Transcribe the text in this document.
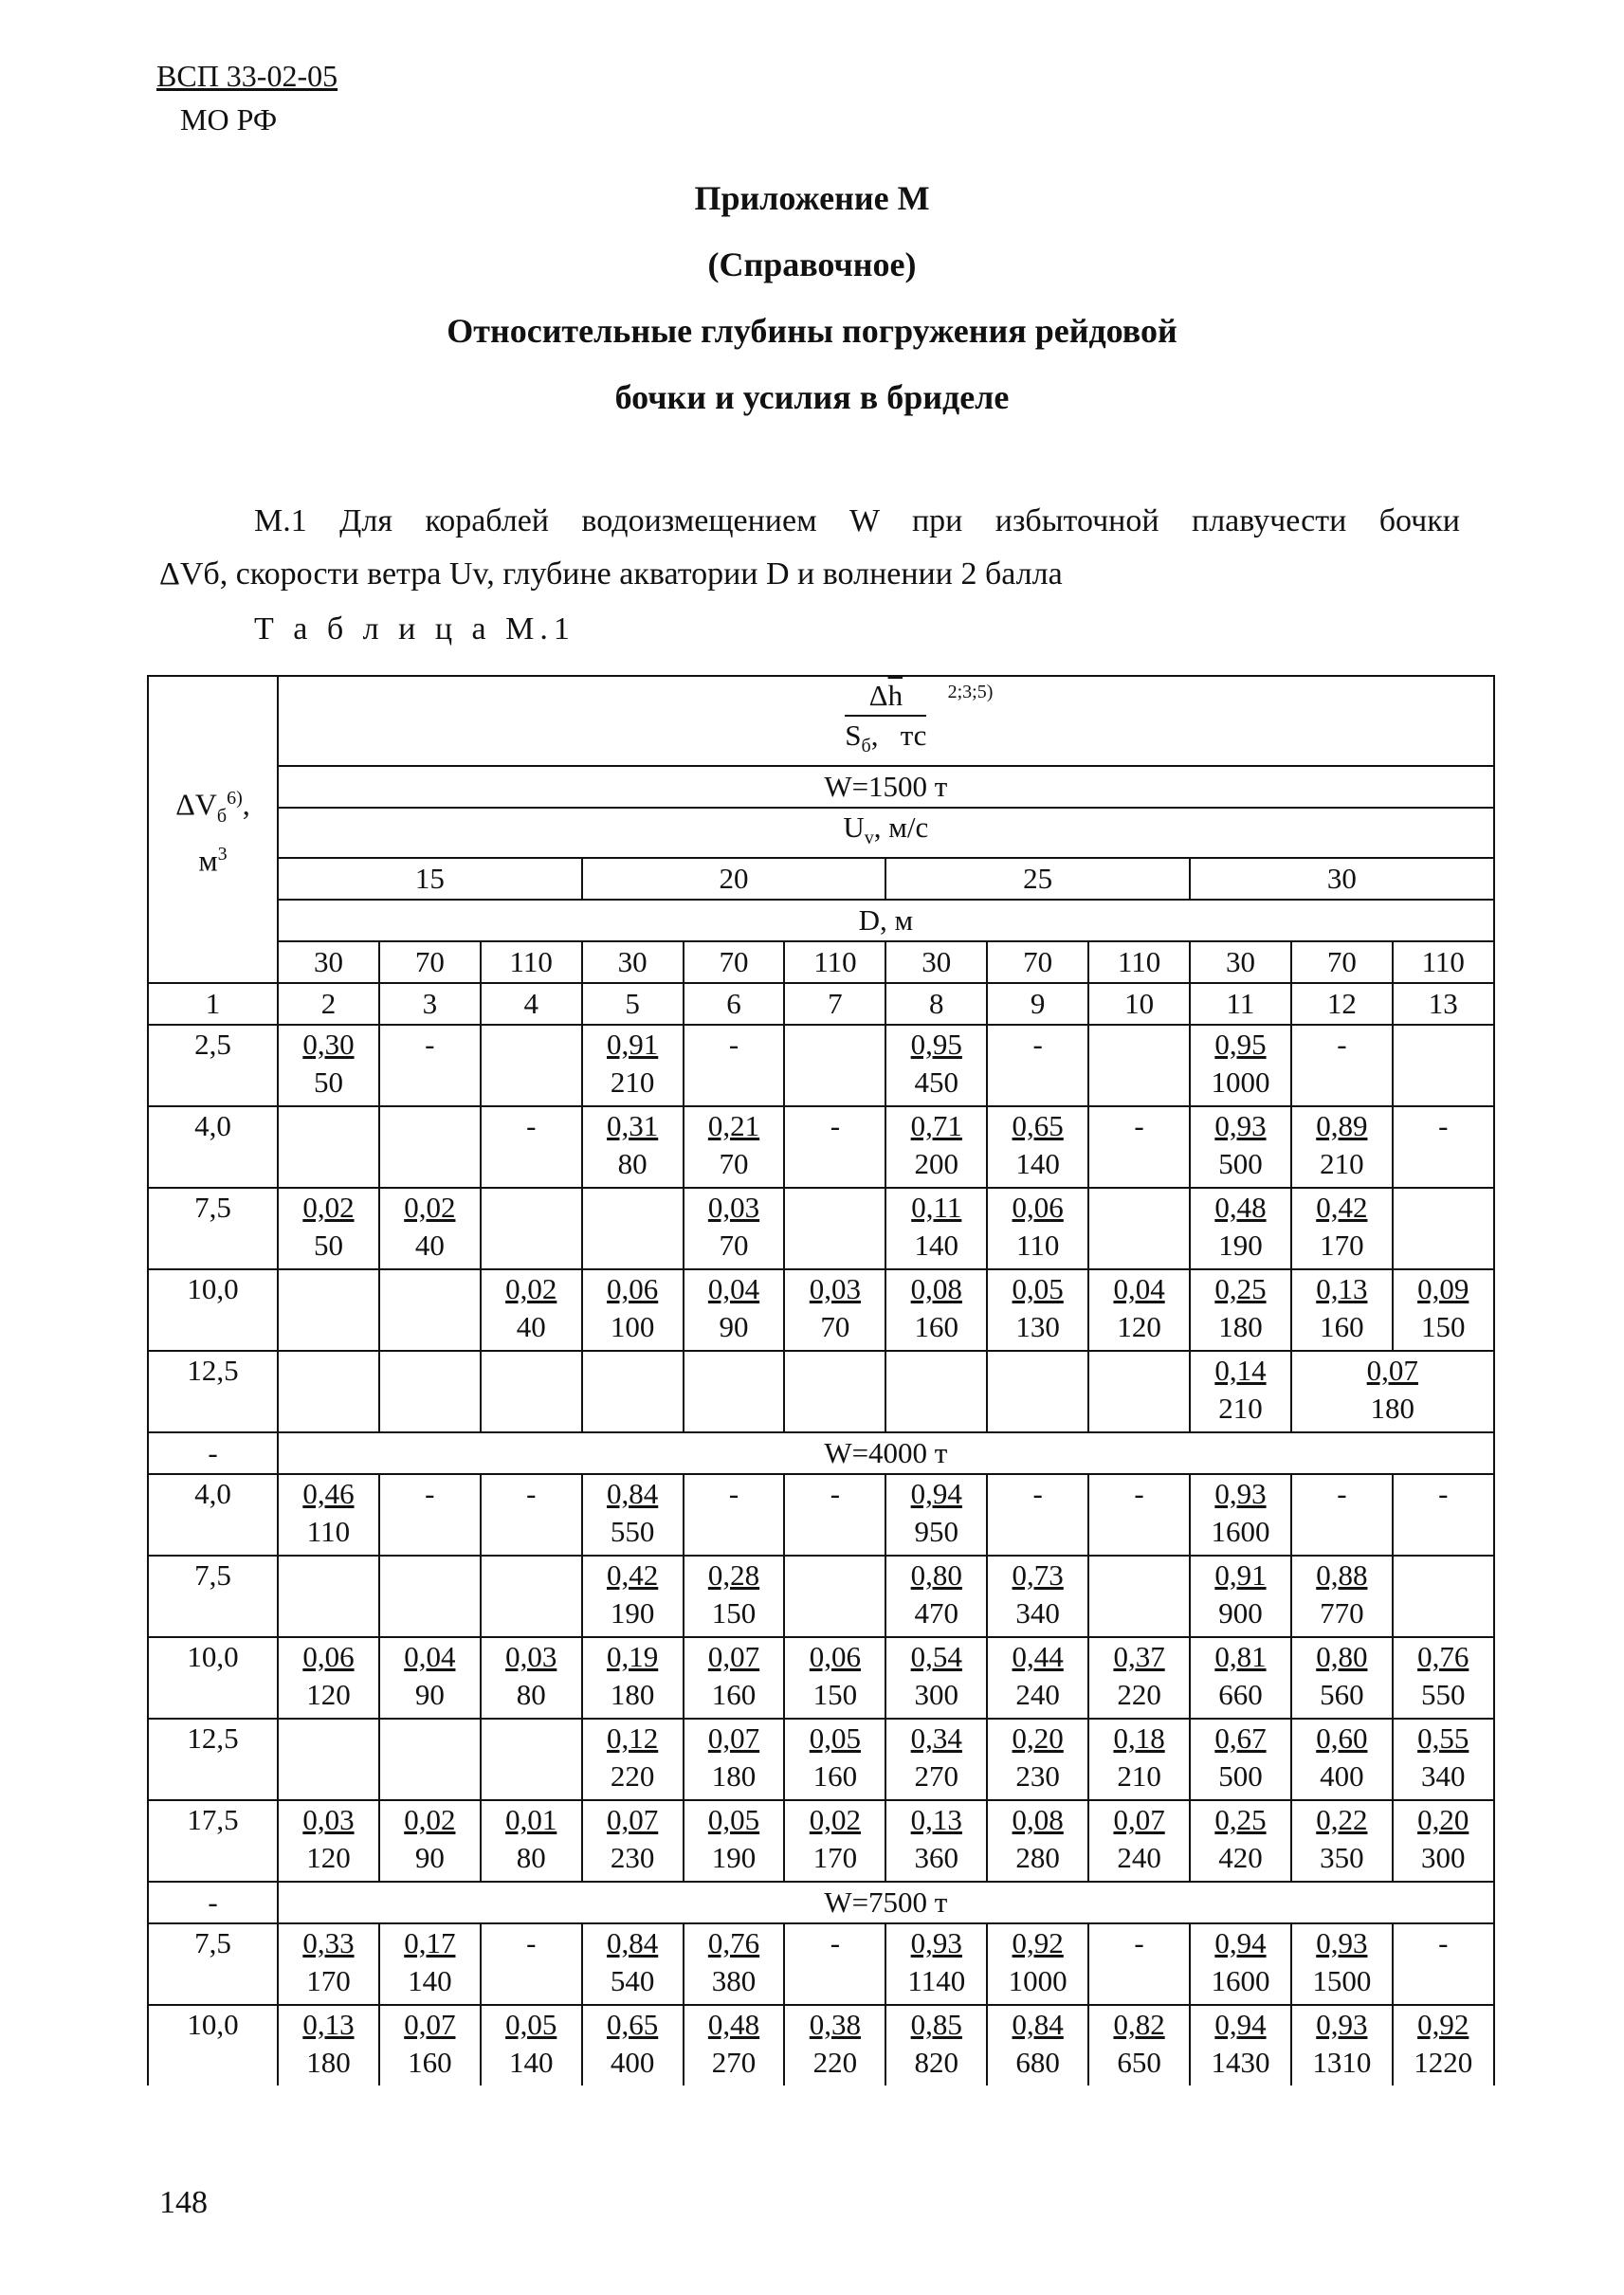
ВСП 33-02-05
МО РФ
Приложение М
(Справочное)
Относительные глубины погружения рейдовой
бочки и усилия в бриделе
М.1 Для кораблей водоизмещением W при избыточной плавучести бочки
ΔVб, скорости ветра Uv, глубине акватории D и волнении 2 балла
Т а б л и ц а М.1
$\Delta V_б^{6)}$,
$м^3$	$\Delta\overline{h}$ 2;3;5)
$S_б$,   тс											

	W=1500 т											
	$U_v$, м/с											
	15			20			25			30		
	D, м											
	30	70	110	30	70	110	30	70	110	30	70	110
1	2	3	4	5	6	7	8	9	10	11	12	13
2,5	$\frac{0,30}{50}$	-		$\frac{0,91}{210}$	-		$\frac{0,95}{450}$	-		$\frac{0,95}{1000}$	-	
4,0			-	$\frac{0,31}{80}$	$\frac{0,21}{70}$	-	$\frac{0,71}{200}$	$\frac{0,65}{140}$	-	$\frac{0,93}{500}$	$\frac{0,89}{210}$	-
7,5	$\frac{0,02}{50}$	$\frac{0,02}{40}$			$\frac{0,03}{70}$		$\frac{0,11}{140}$	$\frac{0,06}{110}$		$\frac{0,48}{190}$	$\frac{0,42}{170}$

10,0			$\frac{0,02}{40}$	$\frac{0,06}{100}$	$\frac{0,04}{90}$	$\frac{0,03}{70}$	$\frac{0,08}{160}$	$\frac{0,05}{130}$	$\frac{0,04}{120}$	$\frac{0,25}{180}$	$\frac{0,13}{160}$	$\frac{0,09}{150}$

12,5										$\frac{0,14}{210}$	$\frac{0,07}{180}$

-	W=4000 т											
4,0	$\frac{0,46}{110}$	-	-	$\frac{0,84}{550}$	-	-	$\frac{0,94}{950}$	-	-	$\frac{0,93}{1600}$	-	-
7,5				$\frac{0,42}{190}$	$\frac{0,28}{150}$		$\frac{0,80}{470}$	$\frac{0,73}{340}$		$\frac{0,91}{900}$	$\frac{0,88}{770}$

10,0	$\frac{0,06}{120}$	$\frac{0,04}{90}$	$\frac{0,03}{80}$	$\frac{0,19}{180}$	$\frac{0,07}{160}$	$\frac{0,06}{150}$	$\frac{0,54}{300}$	$\frac{0,44}{240}$	$\frac{0,37}{220}$	$\frac{0,81}{660}$	$\frac{0,80}{560}$	$\frac{0,76}{550}$

12,5				$\frac{0,12}{220}$	$\frac{0,07}{180}$	$\frac{0,05}{160}$	$\frac{0,34}{270}$	$\frac{0,20}{230}$	$\frac{0,18}{210}$	$\frac{0,67}{500}$	$\frac{0,60}{400}$	$\frac{0,55}{340}$

17,5	$\frac{0,03}{120}$	$\frac{0,02}{90}$	$\frac{0,01}{80}$	$\frac{0,07}{230}$	$\frac{0,05}{190}$	$\frac{0,02}{170}$	$\frac{0,13}{360}$	$\frac{0,08}{280}$	$\frac{0,07}{240}$	$\frac{0,25}{420}$	$\frac{0,22}{350}$	$\frac{0,20}{300}$

-	W=7500 т											
7,5	$\frac{0,33}{170}$	$\frac{0,17}{140}$	-	$\frac{0,84}{540}$	$\frac{0,76}{380}$	-	$\frac{0,93}{1140}$	$\frac{0,92}{1000}$	-	$\frac{0,94}{1600}$	$\frac{0,93}{1500}$	-
10,0	$\frac{0,13}{180}$	$\frac{0,07}{160}$	$\frac{0,05}{140}$	$\frac{0,65}{400}$	$\frac{0,48}{270}$	$\frac{0,38}{220}$	$\frac{0,85}{820}$	$\frac{0,84}{680}$	$\frac{0,82}{650}$	$\frac{0,94}{1430}$	$\frac{0,93}{1310}$	$\frac{0,92}{1220}$
148
